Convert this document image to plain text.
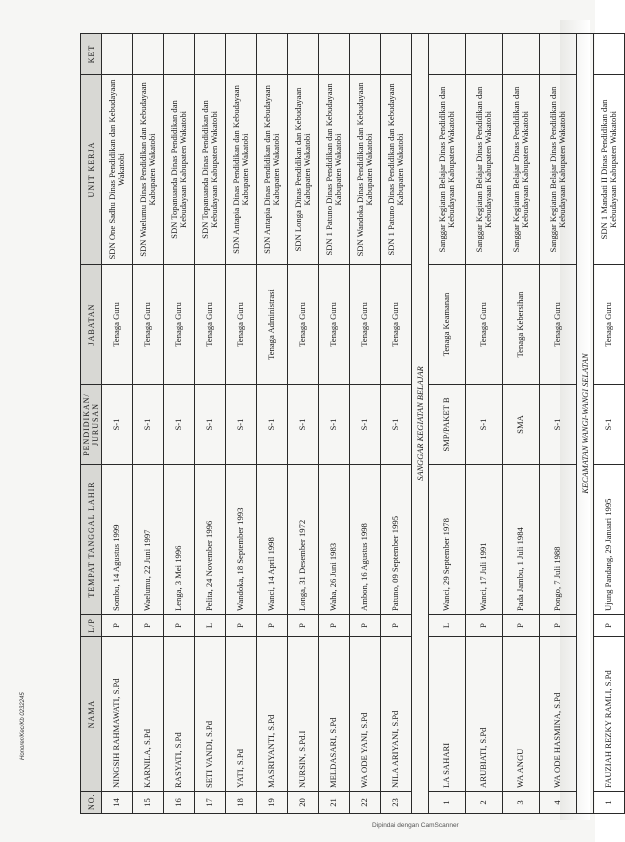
NO.	NAMA	L/P	TEMPAT TANGGAL LAHIR	PENDIDIKAN/ JURUSAN	JABATAN	UNIT KERJA	KET
14	NINGSIH RAHMAWATI, S.Pd	P	Sombu, 14 Agustus 1999	S-1	Tenaga Guru	SDN One Sadhu Dinas Pendidikan dan Kebudayaan Wakatobi	
15	KARNILA, S.Pd	P	Waelumu, 22 Juni 1997	S-1	Tenaga Guru	SDN Waelumu Dinas Pendidikan dan Kebudayaan Kabupaten Wakatobi	
16	RASYATI, S.Pd	P	Lenga, 3 Mei 1996	S-1	Tenaga Guru	SDN Topanuanda Dinas Pendidikan dan Kebudayaan Kabupaten Wakatobi	
17	SETI VANDI, S.Pd	L	Pelita, 24 November 1996	S-1	Tenaga Guru	SDN Topanuanda Dinas Pendidikan dan Kebudayaan Kabupaten Wakatobi	
18	YATI, S.Pd	P	Wandoka, 18 September 1993	S-1	Tenaga Guru	SDN Antapia Dinas Pendidikan dan Kebudayaan Kabupaten Wakatobi	
19	MASRIYANTI, S.Pd	P	Wanci, 14 April 1998	S-1	Tenaga Administrasi	SDN Antapia Dinas Pendidikan dan Kebudayaan Kabupaten Wakatobi	
20	NURSIN, S.Pd.I	P	Longa, 31 Desember 1972	S-1	Tenaga Guru	SDN Longa Dinas Pendidikan dan Kebudayaan Kabupaten Wakatobi	
21	MELDASARI, S.Pd	P	Waha, 26 Juni 1983	S-1	Tenaga Guru	SDN 1 Patuno Dinas Pendidikan dan Kebudayaan Kabupaten Wakatobi	
22	WA ODE YANI, S.Pd	P	Ambon, 16 Agustus 1998	S-1	Tenaga Guru	SDN Wandoka Dinas Pendidikan dan Kebudayaan Kabupaten Wakatobi	
23	NILA ARIYANI, S.Pd	P	Patuno, 09 September 1995	S-1	Tenaga Guru	SDN 1 Patuno Dinas Pendidikan dan Kebudayaan Kabupaten Wakatobi	
SANGGAR KEGIATAN BELAJAR							
1	LA SAHARI	L	Wanci, 29 September 1978	SMP/PAKET B	Tenaga Keamanan	Sanggar Kegiatan Belajar Dinas Pendidikan dan Kebudayaan Kabupaten Wakatobi	
2	ARUBIATI, S.Pd	P	Wanci, 17 Juli 1991	S-1	Tenaga Guru	Sanggar Kegiatan Belajar Dinas Pendidikan dan Kebudayaan Kabupaten Wakatobi	
3	WA ANGU	P	Pada Jambu, 1 Juli 1984	SMA	Tenaga Kebersihan	Sanggar Kegiatan Belajar Dinas Pendidikan dan Kebudayaan Kabupaten Wakatobi	
4	WA ODE HASMINA, S.Pd	P	Pongo, 7 Juli 1988	S-1	Tenaga Guru	Sanggar Kegiatan Belajar Dinas Pendidikan dan Kebudayaan Kabupaten Wakatobi	
KECAMATAN WANGI-WANGI SELATAN							
1	FAUZIAH REZKY RAMLI, S.Pd	P	Ujung Pandang, 29 Januari 1995	S-1	Tenaga Guru	SDN 1 Mandati II Dinas Pendidikan dan Kebudayaan Kabupaten Wakatobi	
Honorer/Kec/Kb 0232245
Dipindai dengan CamScanner
